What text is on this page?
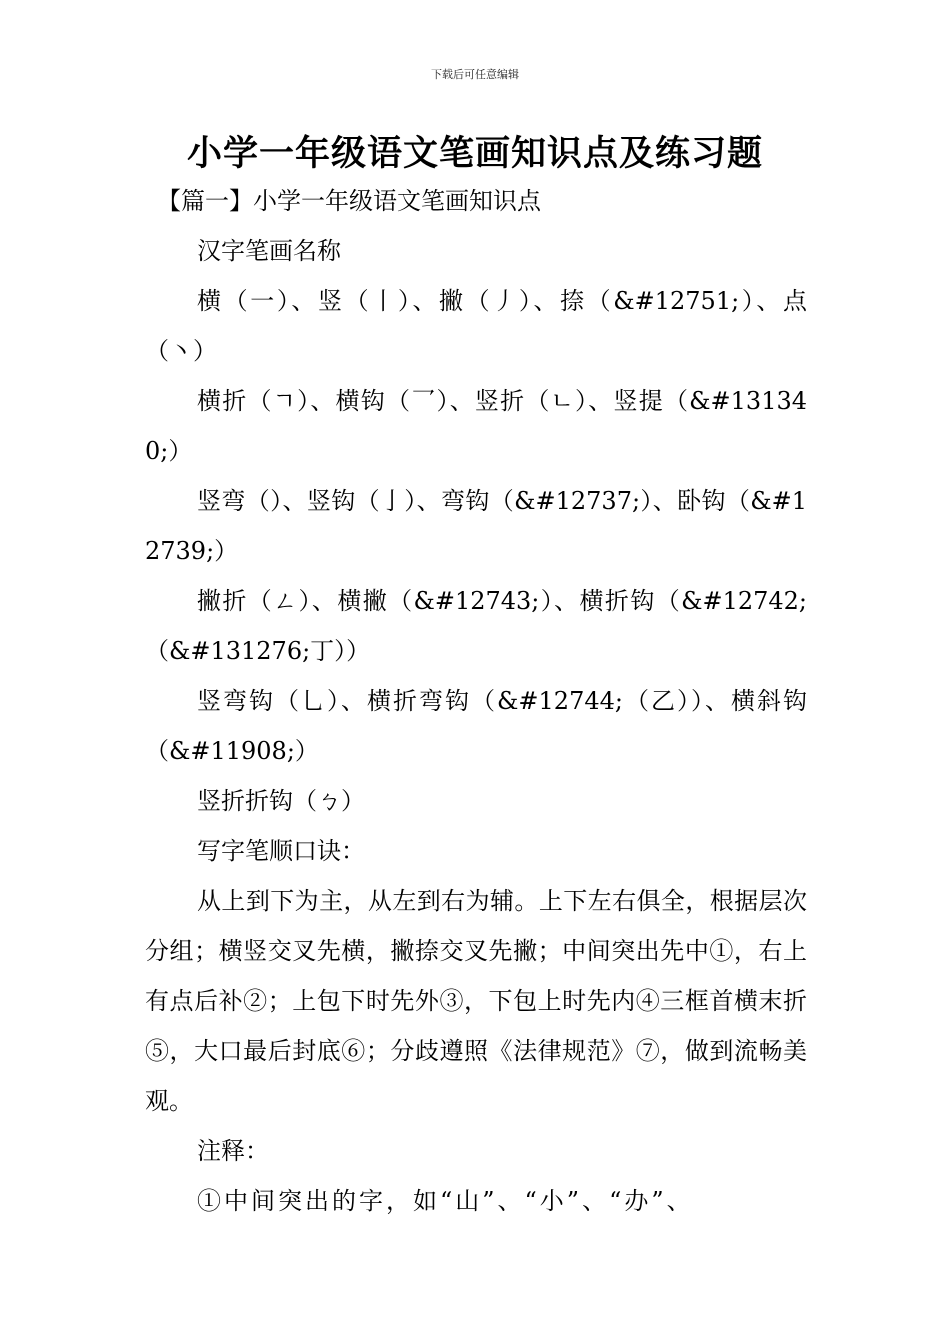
下载后可任意编辑
小学一年级语文笔画知识点及练习题

【篇一】小学一年级语文笔画知识点

汉字笔画名称

横（一）、竖（丨）、撇（丿）、捺（&#12751;）、点（丶）

横折（ㄱ）、横钩（乛）、竖折（ㄴ）、竖提（&#131340;）

竖弯（）、竖钩（亅）、弯钩（&#12737;）、卧钩（&#12739;）

撇折（ㄥ）、横撇（&#12743;）、横折钩（&#12742;（&#131276;丁））

竖弯钩（乚）、横折弯钩（&#12744;（乙））、横斜钩（&#11908;）

竖折折钩（ㄅ）

写字笔顺口诀：

从上到下为主，从左到右为辅。上下左右俱全，根据层次分组；横竖交叉先横，撇捺交叉先撇；中间突出先中①，右上有点后补②；上包下时先外③，下包上时先内④三框首横末折⑤，大口最后封底⑥；分歧遵照《法律规范》⑦，做到流畅美观。

注释：

①中间突出的字，如“山”、“小”、“办”、
